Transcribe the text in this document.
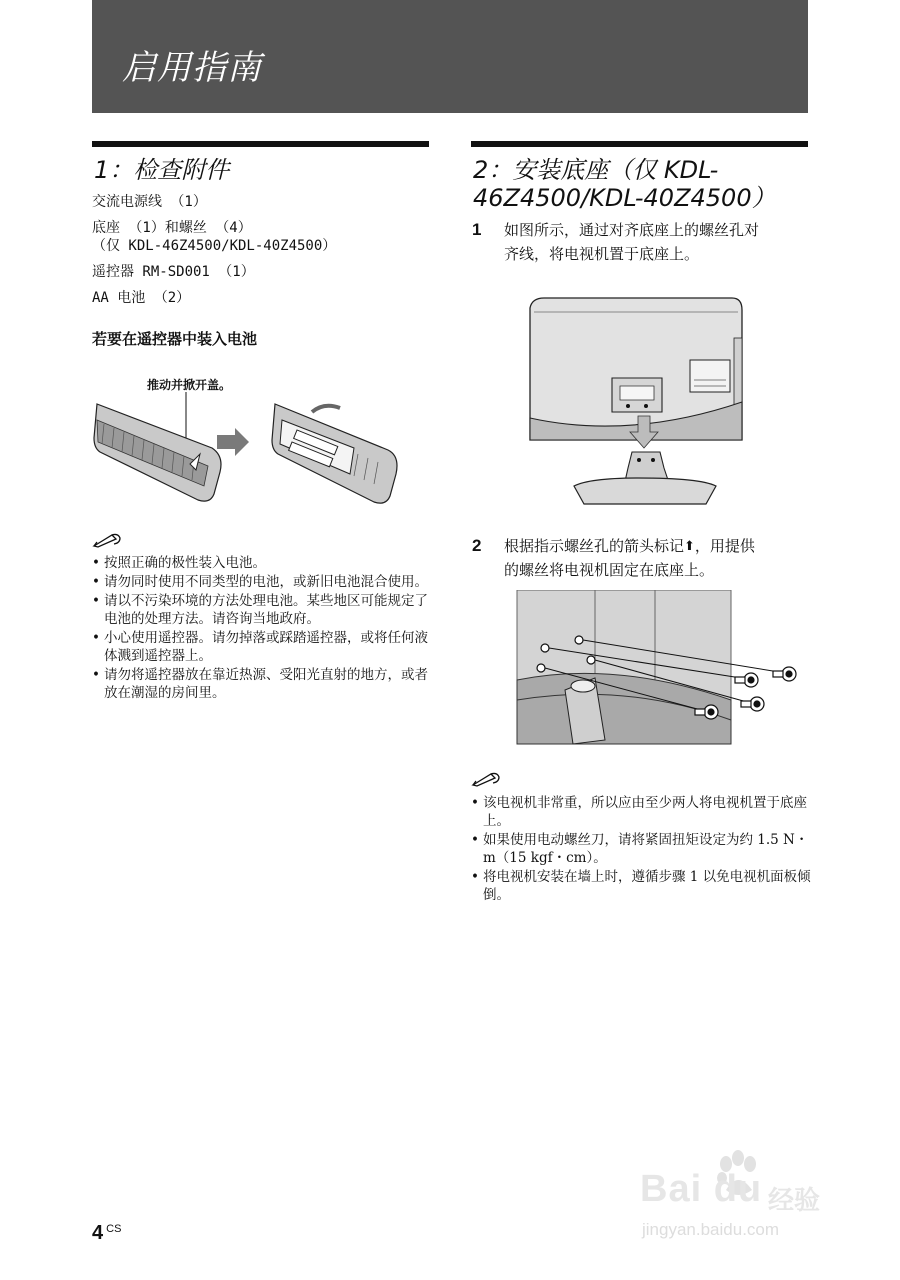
启用指南
1：检查附件
交流电源线 （1）
底座 （1）和螺丝 （4）
（仅 KDL-46Z4500/KDL-40Z4500）
遥控器 RM-SD001 （1）
AA 电池 （2）
若要在遥控器中装入电池
推动并掀开盖。
• 按照正确的极性装入电池。
• 请勿同时使用不同类型的电池，或新旧电池混合使用。
• 请以不污染环境的方法处理电池。某些地区可能规定了电池的处理方法。请咨询当地政府。
• 小心使用遥控器。请勿掉落或踩踏遥控器，或将任何液体溅到遥控器上。
• 请勿将遥控器放在靠近热源、受阳光直射的地方，或者放在潮湿的房间里。
2：安装底座（仅 KDL-
46Z4500/KDL-40Z4500）
1 如图所示，通过对齐底座上的螺丝孔对
齐线，将电视机置于底座上。
2 根据指示螺丝孔的箭头标记⬆，用提供
的螺丝将电视机固定在底座上。
• 该电视机非常重，所以应由至少两人将电视机置于底座上。
• 如果使用电动螺丝刀，请将紧固扭矩设定为约 1.5 N・m（15 kgf・cm）。
• 将电视机安装在墙上时，遵循步骤 1 以免电视机面板倾倒。
4 $^{CS}$
Bai du 经验
jingyan.baidu.com
